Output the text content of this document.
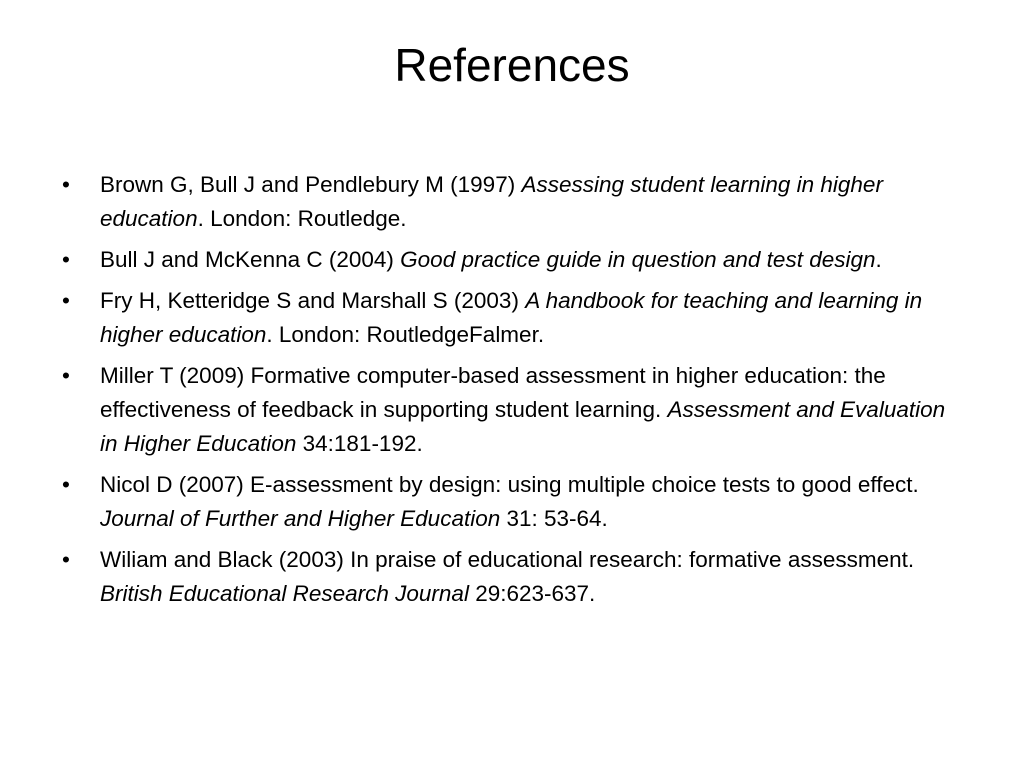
References
•	Brown G, Bull J and Pendlebury M (1997) Assessing student learning in higher education. London: Routledge.
•	Bull J and McKenna C (2004) Good practice guide in question and test design.
•	Fry H, Ketteridge S and Marshall S (2003) A handbook for teaching and learning in higher education. London: RoutledgeFalmer.
•	Miller T (2009) Formative computer-based assessment in higher education: the effectiveness of feedback in supporting student learning. Assessment and Evaluation in Higher Education 34:181-192.
•	Nicol D (2007) E-assessment by design: using multiple choice tests to good effect. Journal of Further and Higher Education 31: 53-64.
•	Wiliam and Black (2003) In praise of educational research: formative assessment. British Educational Research Journal 29:623-637.
